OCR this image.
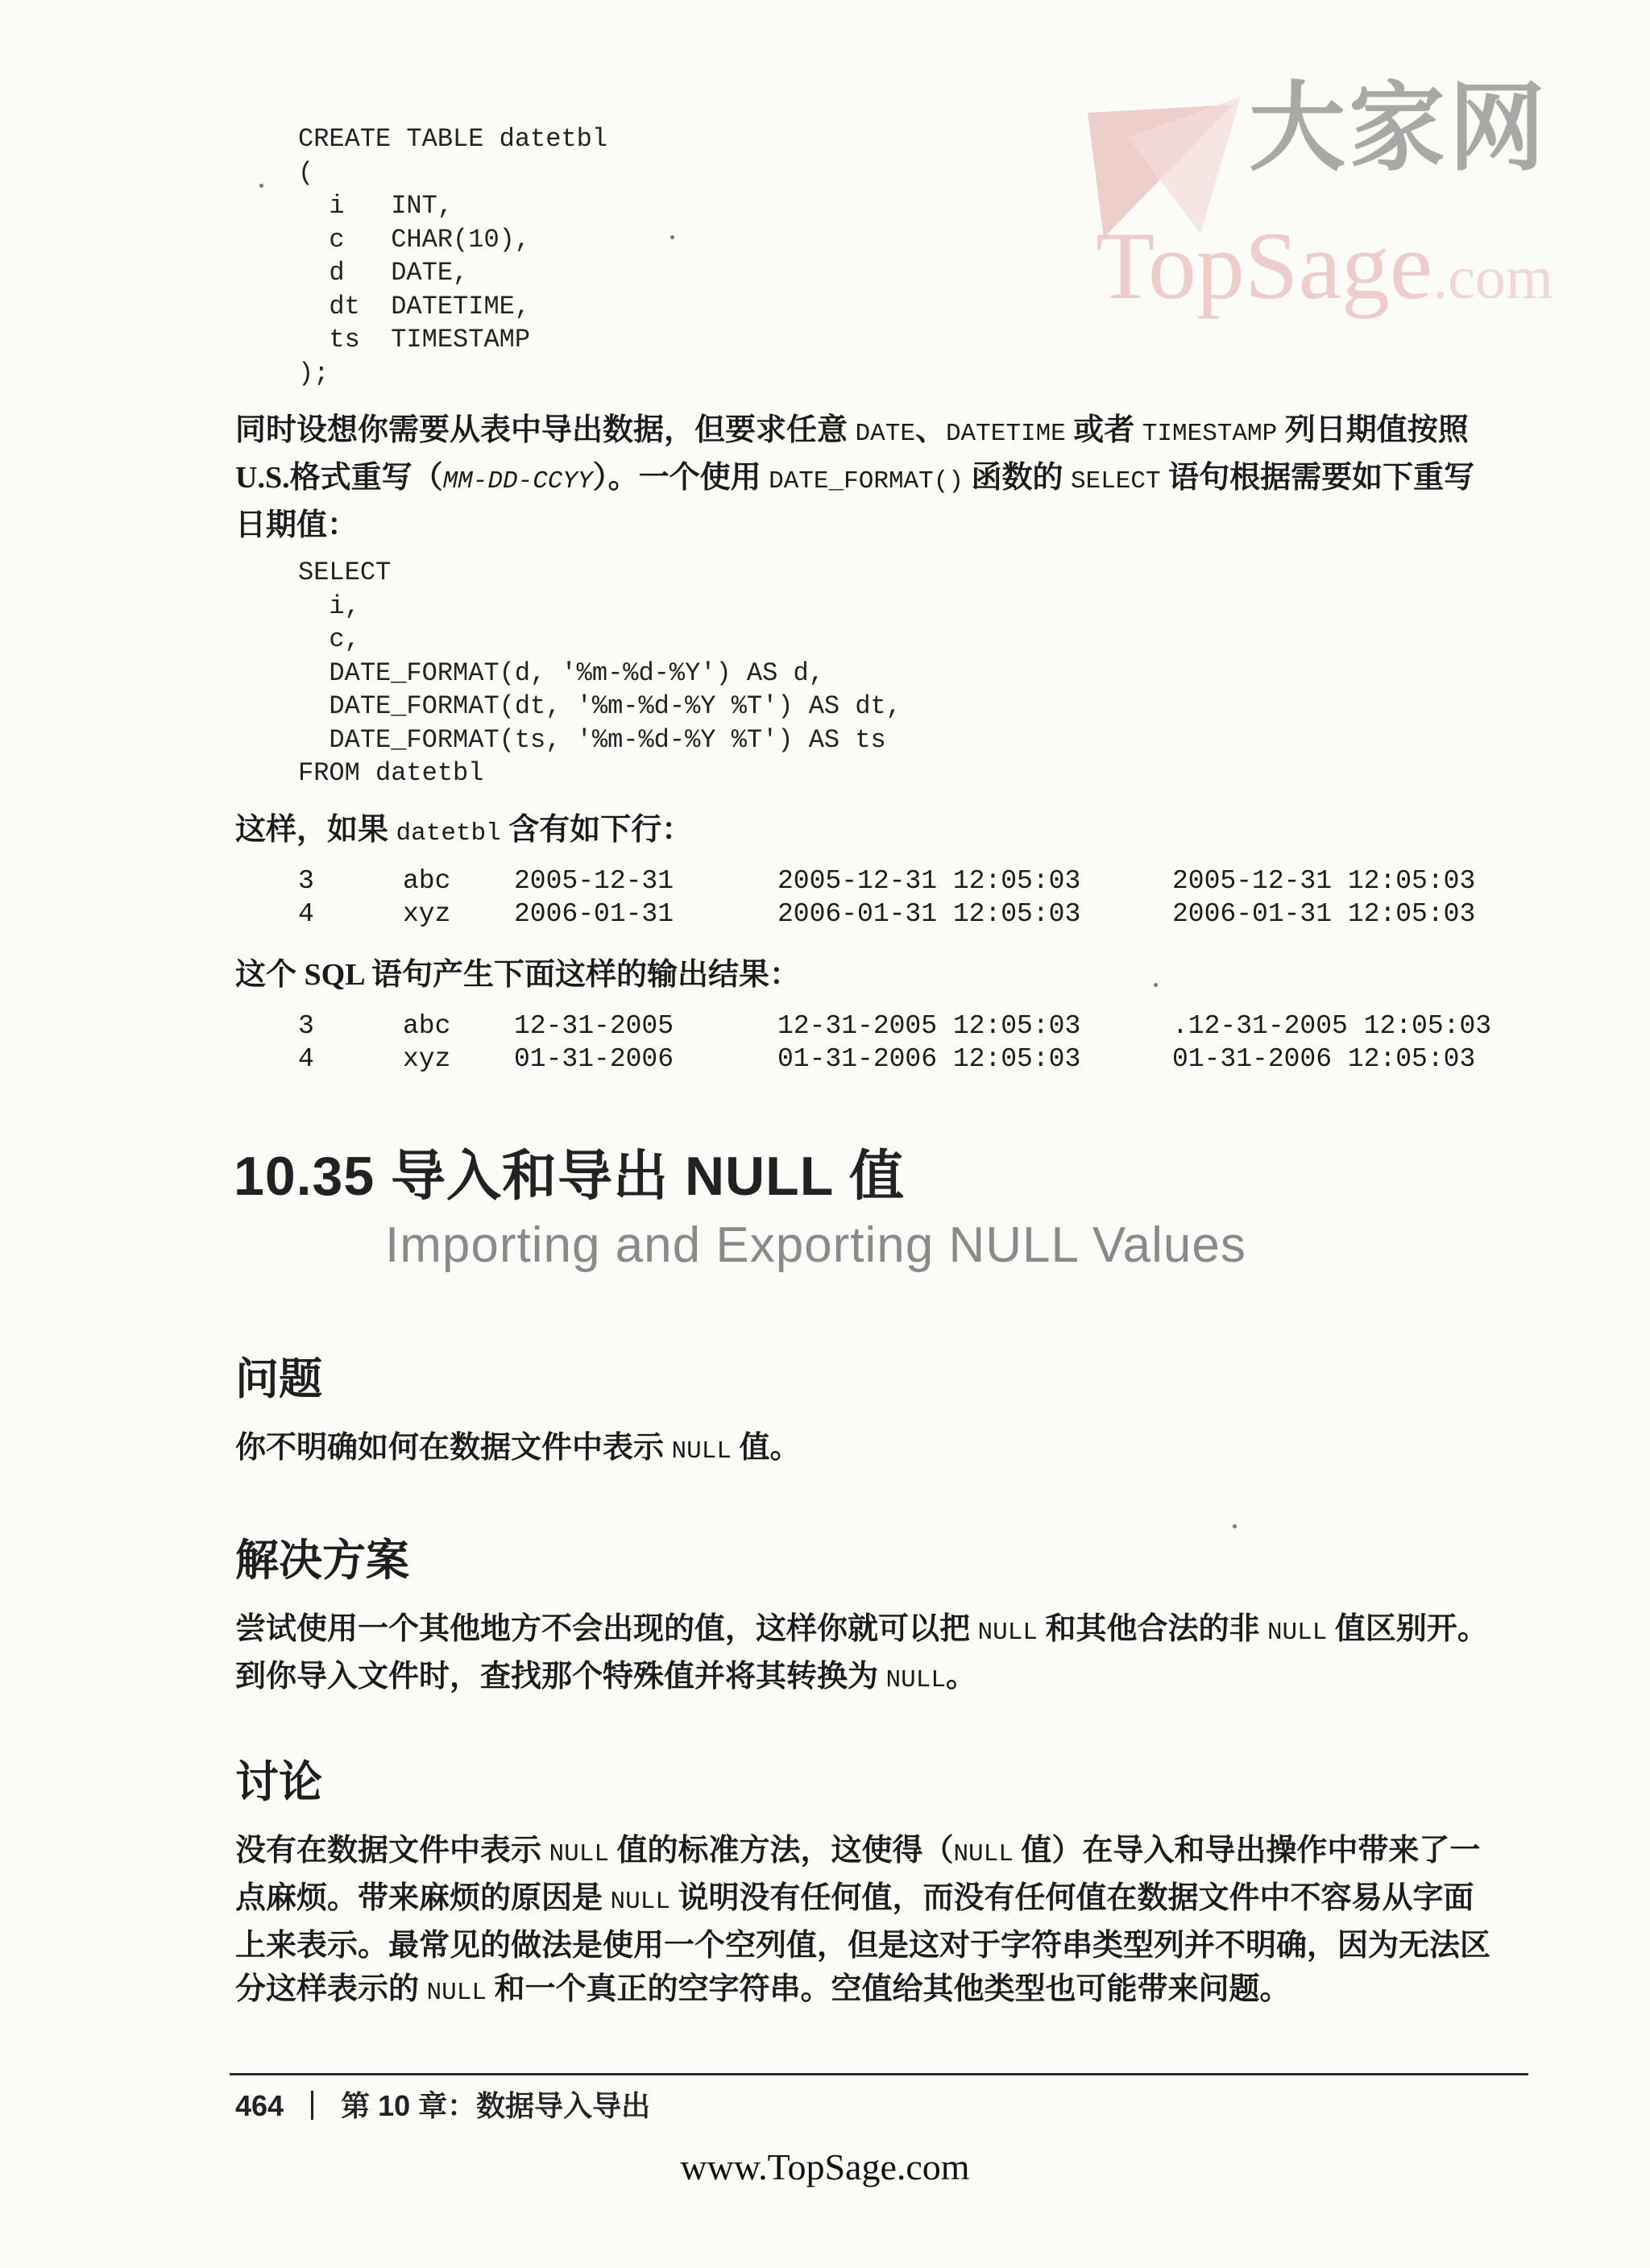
大家网
TopSage.com
CREATE TABLE datetbl
(
i   INT,
c   CHAR(10),
d   DATE,
dt  DATETIME,
ts  TIMESTAMP
);

同时设想你需要从表中导出数据，但要求任意 DATE、DATETIME 或者 TIMESTAMP 列日期值按照 U.S.格式重写（MM-DD-CCYY）。一个使用 DATE_FORMAT() 函数的 SELECT 语句根据需要如下重写日期值：

SELECT
i,
c,
DATE_FORMAT(d, '%m-%d-%Y') AS d,
DATE_FORMAT(dt, '%m-%d-%Y %T') AS dt,
DATE_FORMAT(ts, '%m-%d-%Y %T') AS ts
FROM datetbl

这样，如果 datetbl 含有如下行：

3	abc 2005-12-31	2005-12-31 12:05:03	2005-12-31 12:05:03
4	xyz 2006-01-31	2006-01-31 12:05:03	2006-01-31 12:05:03

这个 SQL 语句产生下面这样的输出结果：

3	abc 12-31-2005	12-31-2005 12:05:03	.12-31-2005 12:05:03
4	xyz 01-31-2006	01-31-2006 12:05:03	01-31-2006 12:05:03
10.35 导入和导出 NULL 值
Importing and Exporting NULL Values
问题

你不明确如何在数据文件中表示 NULL 值。

解决方案

尝试使用一个其他地方不会出现的值，这样你就可以把 NULL 和其他合法的非 NULL 值区别开。到你导入文件时，查找那个特殊值并将其转换为 NULL。

讨论

没有在数据文件中表示 NULL 值的标准方法，这使得（NULL 值）在导入和导出操作中带来了一点麻烦。带来麻烦的原因是 NULL 说明没有任何值，而没有任何值在数据文件中不容易从字面上来表示。最常见的做法是使用一个空列值，但是这对于字符串类型列并不明确，因为无法区分这样表示的 NULL 和一个真正的空字符串。空值给其他类型也可能带来问题。

464 第 10 章：数据导入导出

www.TopSage.com
